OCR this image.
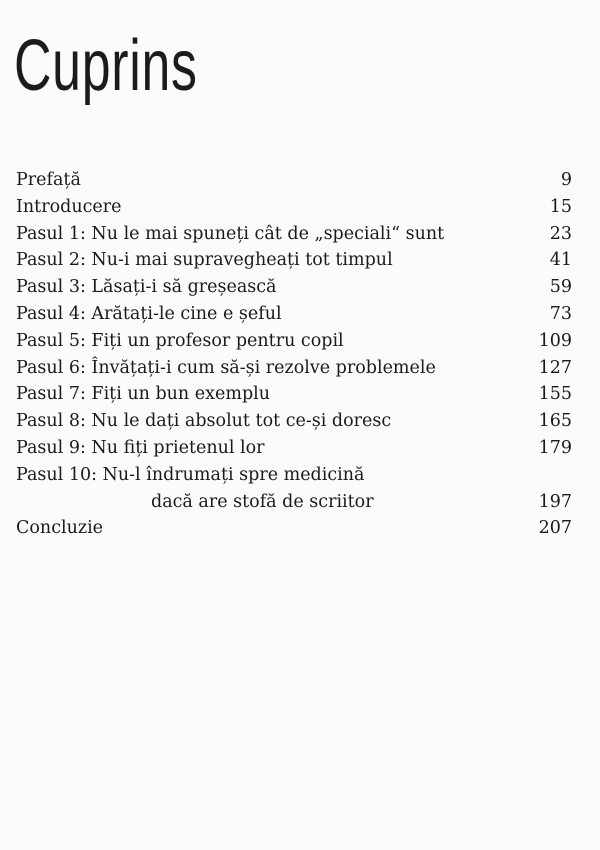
Cuprins
Prefață	9
Introducere	15
Pasul 1: Nu le mai spuneți cât de „speciali“ sunt	23
Pasul 2: Nu-i mai supravegheați tot timpul	41
Pasul 3: Lăsați-i să greșească	59
Pasul 4: Arătați-le cine e șeful	73
Pasul 5: Fiți un profesor pentru copil	109
Pasul 6: Învățați-i cum să-și rezolve problemele	127
Pasul 7: Fiți un bun exemplu	155
Pasul 8: Nu le dați absolut tot ce-și doresc	165
Pasul 9: Nu fiți prietenul lor	179
Pasul 10: Nu-l îndrumați spre medicină
dacă are stofă de scriitor	197
Concluzie	207
